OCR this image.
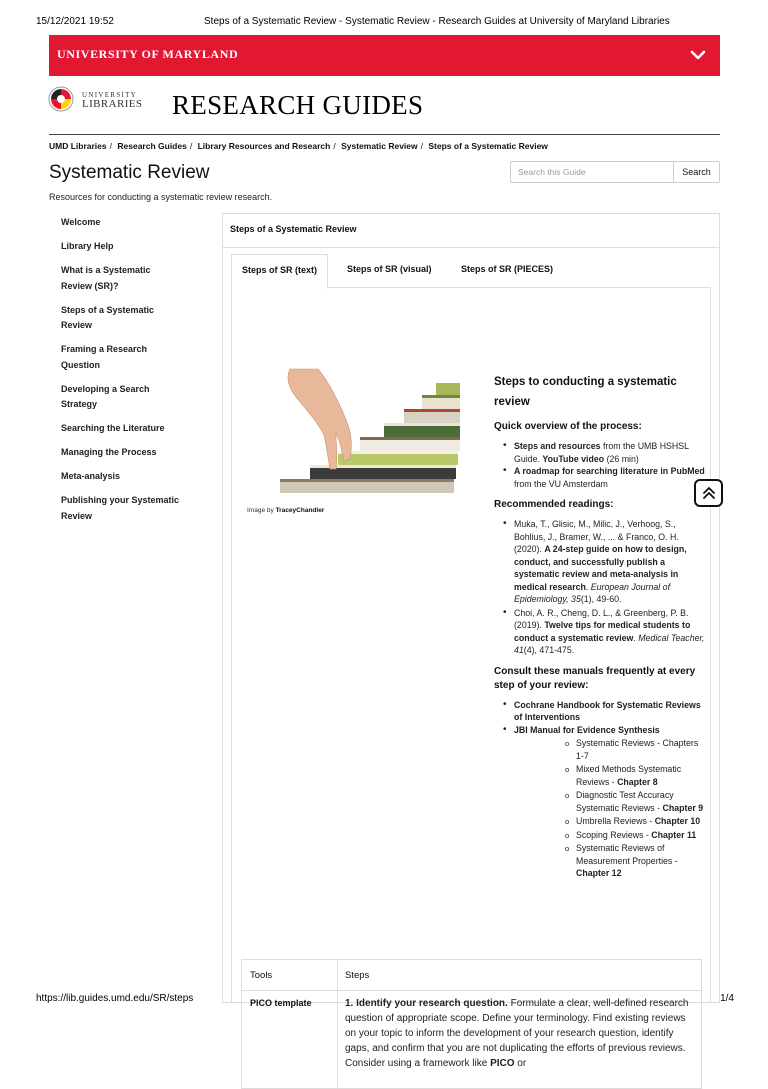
15/12/2021 19:52	Steps of a Systematic Review - Systematic Review - Research Guides at University of Maryland Libraries
UNIVERSITY OF MARYLAND
UNIVERSITY
LIBRARIES RESEARCH GUIDES
UMD Libraries / Research Guides / Library Resources and Research / Systematic Review / Steps of a Systematic Review
Systematic Review
Resources for conducting a systematic review research.
Search this Guide	Search
Welcome
Library Help
What is a Systematic Review (SR)?
Steps of a Systematic Review
Framing a Research Question
Developing a Search Strategy
Searching the Literature
Managing the Process
Meta-analysis
Publishing your Systematic Review
Steps of a Systematic Review
Steps of SR (text)	Steps of SR (visual)	Steps of SR (PIECES)
Image by TraceyChandler
Steps to conducting a systematic review
Quick overview of the process:
• Steps and resources from the UMB HSHSL Guide. YouTube video (26 min)
• A roadmap for searching literature in PubMed from the VU Amsterdam
Recommended readings:
• Muka, T., Glisic, M., Milic, J., Verhoog, S., Bohlius, J., Bramer, W., ... & Franco, O. H. (2020). A 24-step guide on how to design, conduct, and successfully publish a systematic review and meta-analysis in medical research. European Journal of Epidemiology, 35(1), 49-60.
• Choi, A. R., Cheng, D. L., & Greenberg, P. B. (2019). Twelve tips for medical students to conduct a systematic review. Medical Teacher, 41(4), 471-475.
Consult these manuals frequently at every step of your review:
• Cochrane Handbook for Systematic Reviews of Interventions
• JBI Manual for Evidence Synthesis
o Systematic Reviews - Chapters 1-7
o Mixed Methods Systematic Reviews - Chapter 8
o Diagnostic Test Accuracy Systematic Reviews - Chapter 9
o Umbrella Reviews - Chapter 10
o Scoping Reviews - Chapter 11
o Systematic Reviews of Measurement Properties - Chapter 12
Tools	Steps
PICO template	1. Identify your research question. Formulate a clear, well-defined research question of appropriate scope. Define your terminology. Find existing reviews on your topic to inform the development of your research question, identify gaps, and confirm that you are not duplicating the efforts of previous reviews. Consider using a framework like PICO or
https://lib.guides.umd.edu/SR/steps	1/4
